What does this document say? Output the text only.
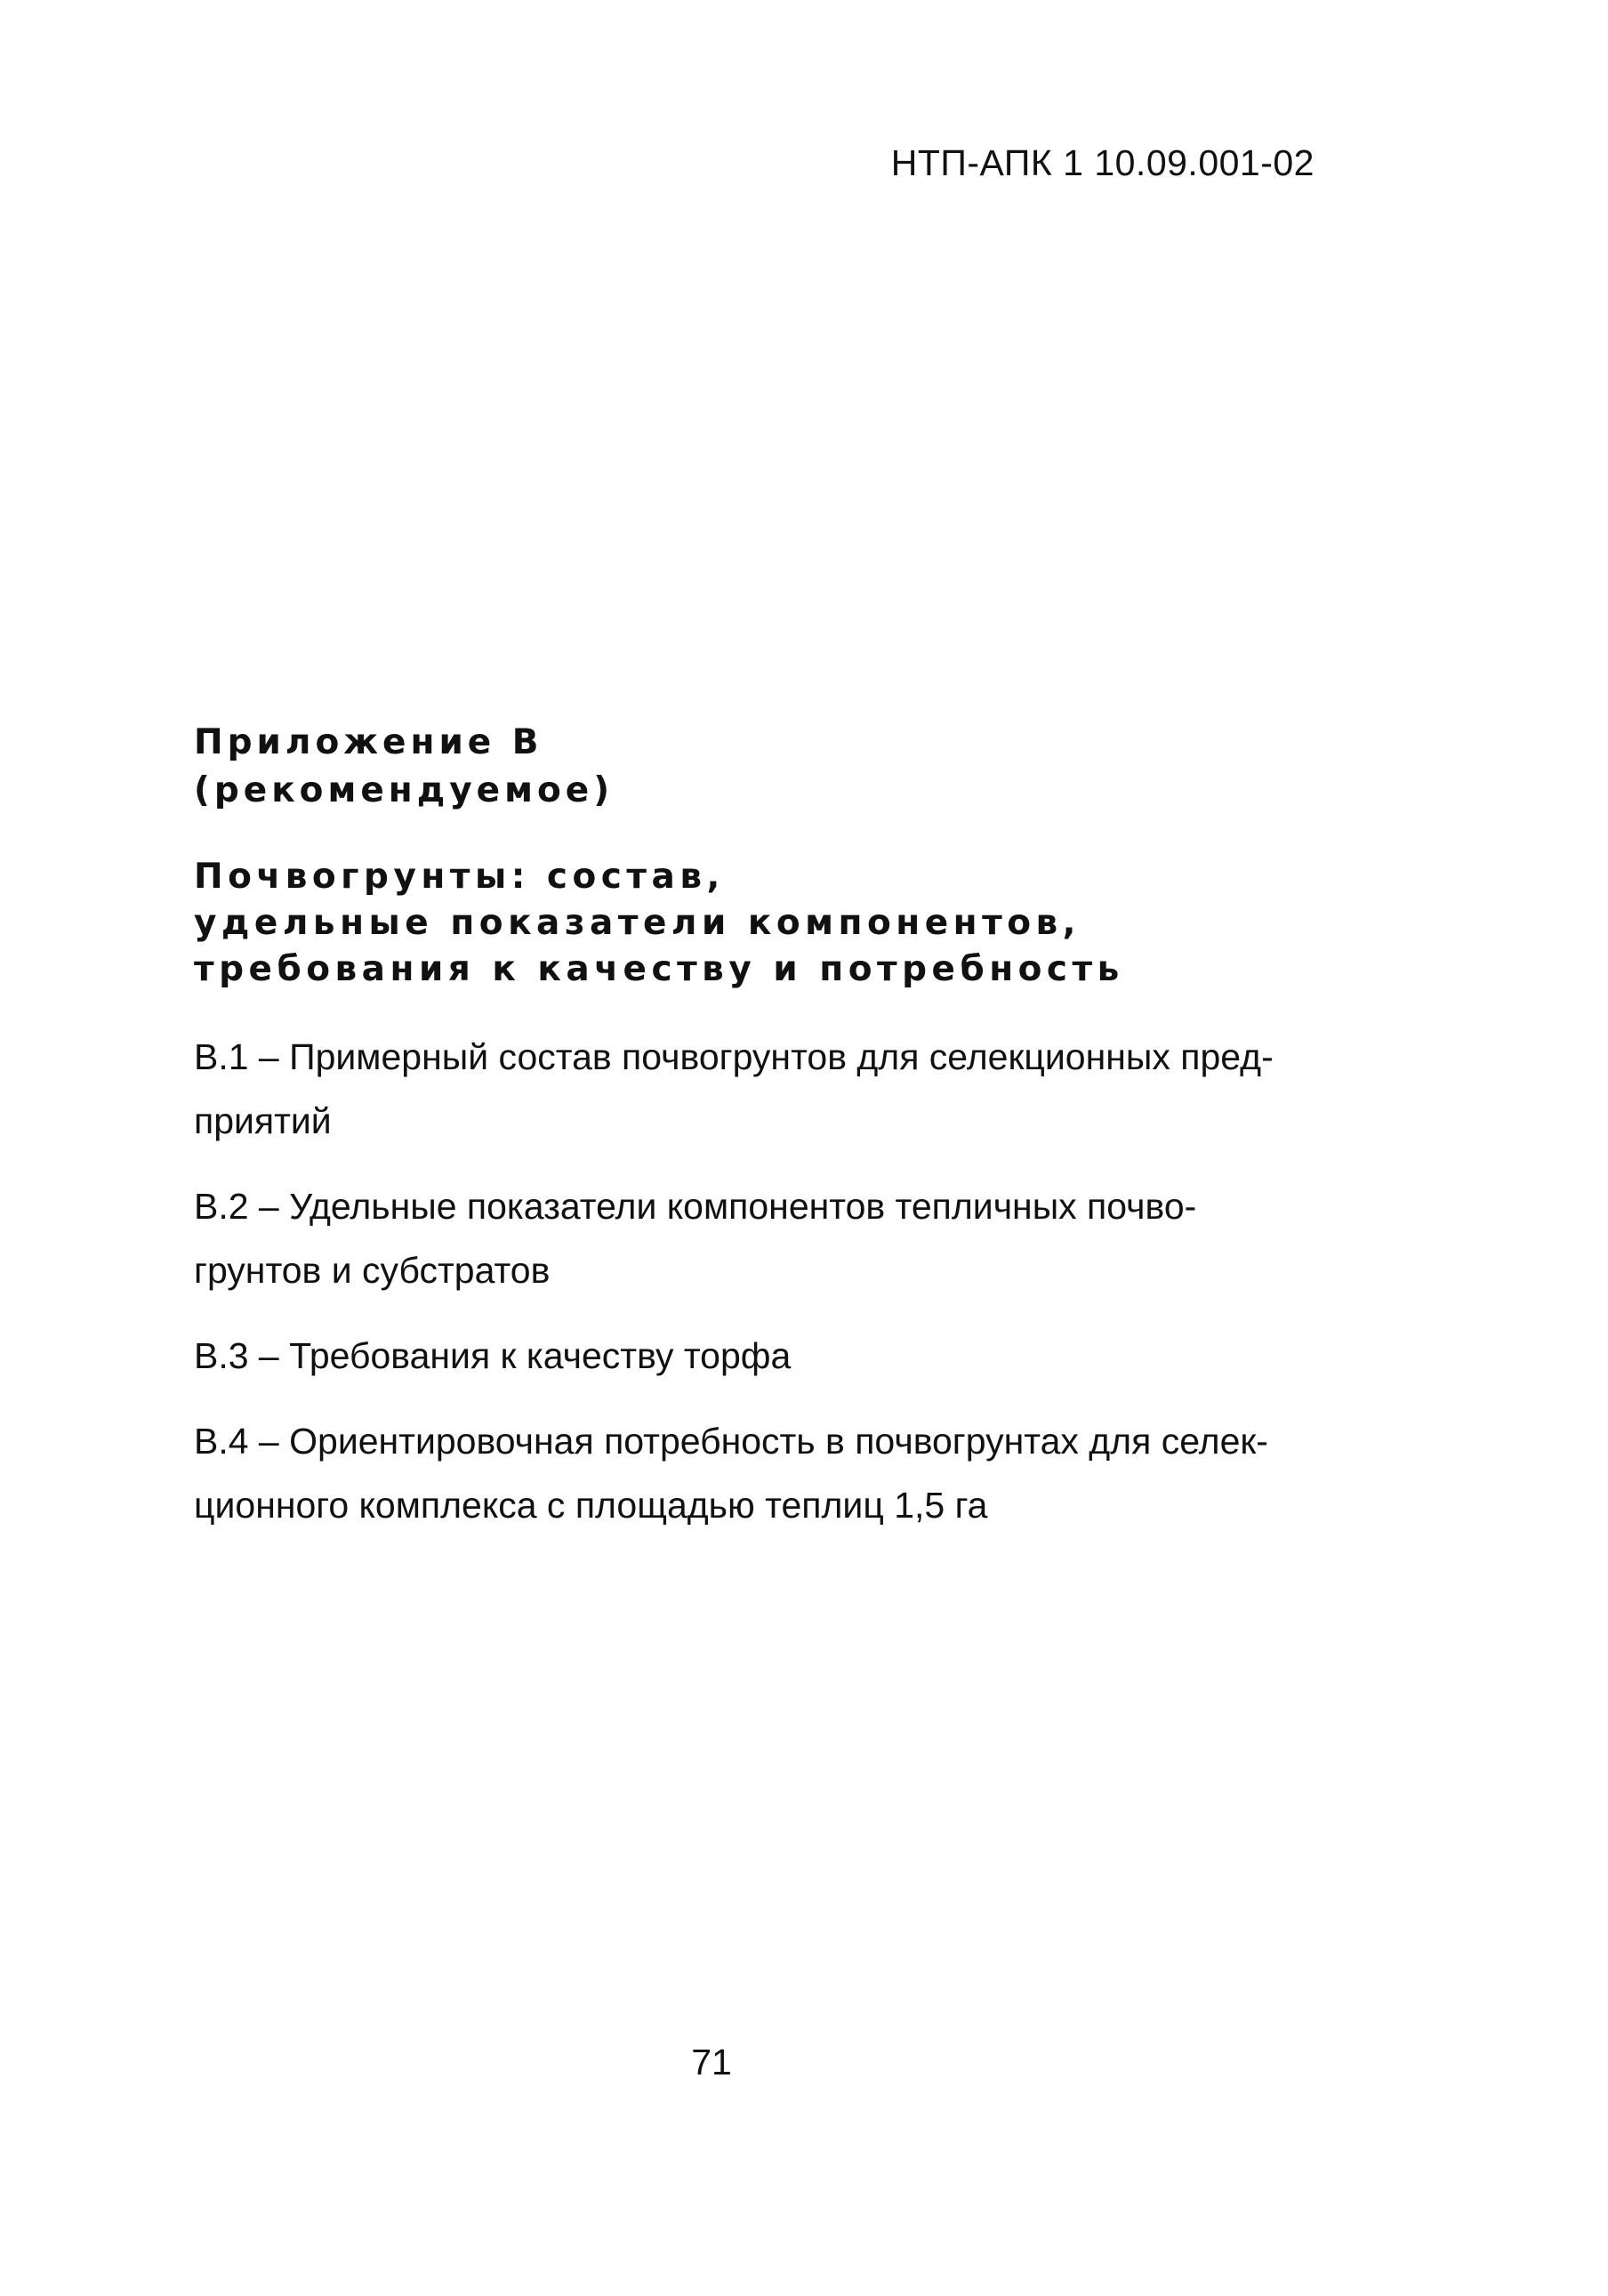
НТП-АПК 1 10.09.001-02
Приложение В
(рекомендуемое)
Почвогрунты: состав,
удельные показатели компонентов,
требования к качеству и потребность
В.1 – Примерный состав почвогрунтов для селекционных пред-
приятий
В.2 – Удельные показатели компонентов тепличных почво-
грунтов и субстратов
В.3 – Требования к качеству торфа
В.4 – Ориентировочная потребность в почвогрунтах для селек-
ционного комплекса с площадью теплиц 1,5 га
71
